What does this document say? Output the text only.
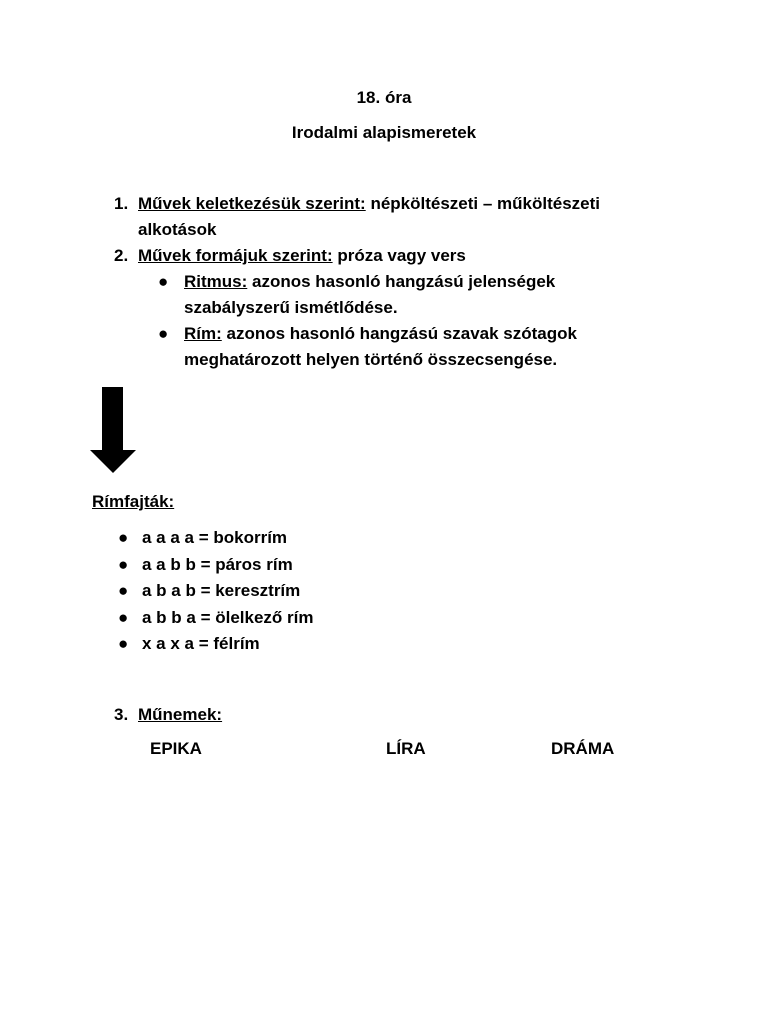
18. óra
Irodalmi alapismeretek
1. Művek keletkezésük szerint: népköltészeti – műköltészeti
alkotások
2. Művek formájuk szerint: próza vagy vers
● Ritmus: azonos hasonló hangzású jelenségek
szabályszerű ismétlődése.
● Rím: azonos hasonló hangzású szavak szótagok
meghatározott helyen történő összecsengése.
Rímfajták:
● a a a a = bokorrím
● a a b b = páros rím
● a b a b = keresztrím
● a b b a = ölelkező rím
● x a x a = félrím
3. Műnemek:
EPIKA	LÍRA	DRÁMA
